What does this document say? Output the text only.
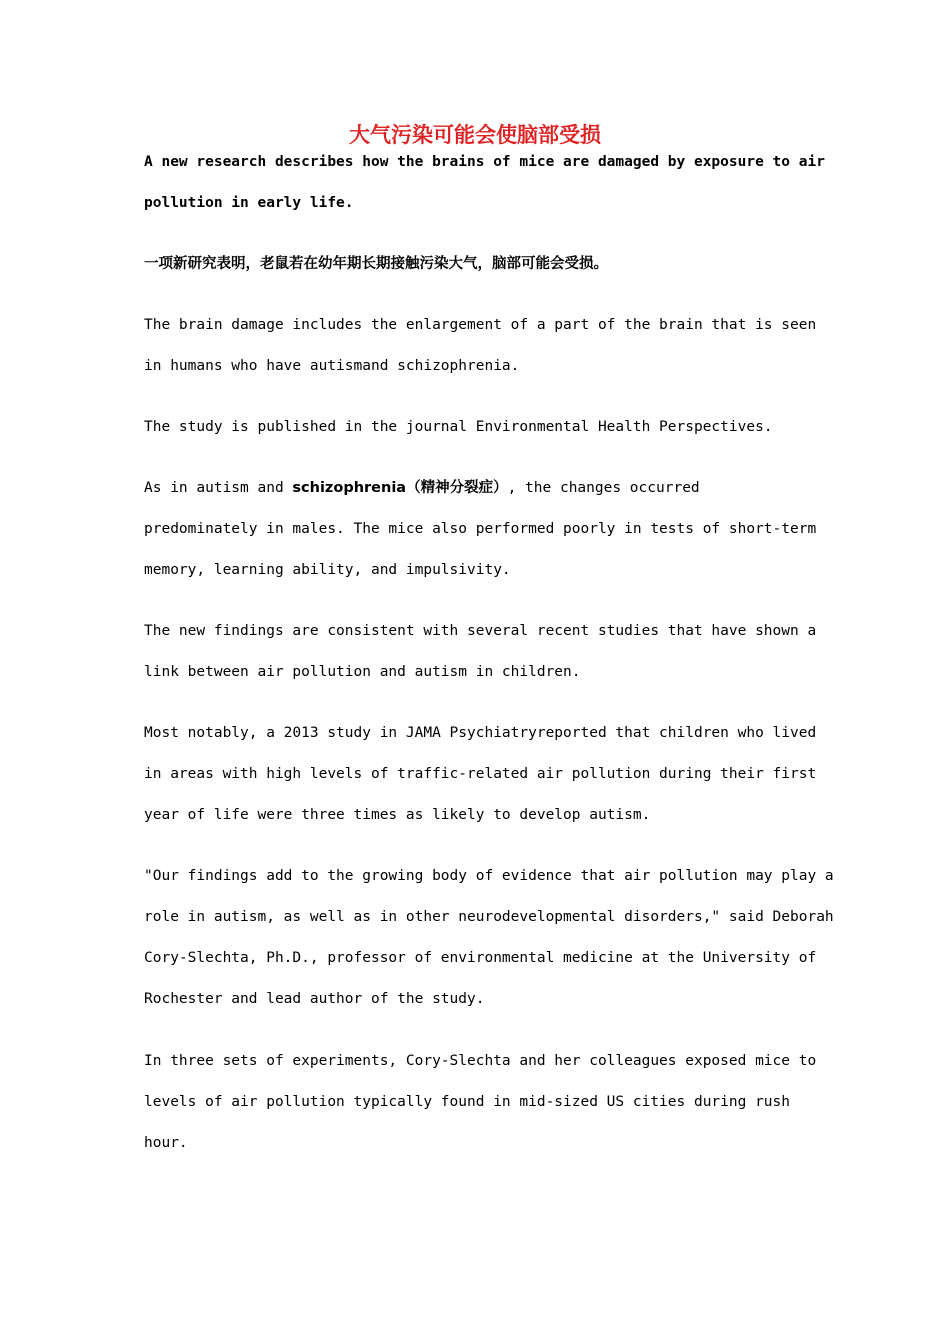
大气污染可能会使脑部受损
A new research describes how the brains of mice are damaged by exposure to air
pollution in early life.
一项新研究表明，老鼠若在幼年期长期接触污染大气，脑部可能会受损。
The brain damage includes the enlargement of a part of the brain that is seen
in humans who have autismand schizophrenia.
The study is published in the journal Environmental Health Perspectives.
As in autism and schizophrenia（精神分裂症）, the changes occurred
predominately in males. The mice also performed poorly in tests of short-term
memory, learning ability, and impulsivity.
The new findings are consistent with several recent studies that have shown a
link between air pollution and autism in children.
Most notably, a 2013 study in JAMA Psychiatryreported that children who lived
in areas with high levels of traffic-related air pollution during their first
year of life were three times as likely to develop autism.
"Our findings add to the growing body of evidence that air pollution may play a
role in autism, as well as in other neurodevelopmental disorders," said Deborah
Cory-Slechta, Ph.D., professor of environmental medicine at the University of
Rochester and lead author of the study.
In three sets of experiments, Cory-Slechta and her colleagues exposed mice to
levels of air pollution typically found in mid-sized US cities during rush
hour.
